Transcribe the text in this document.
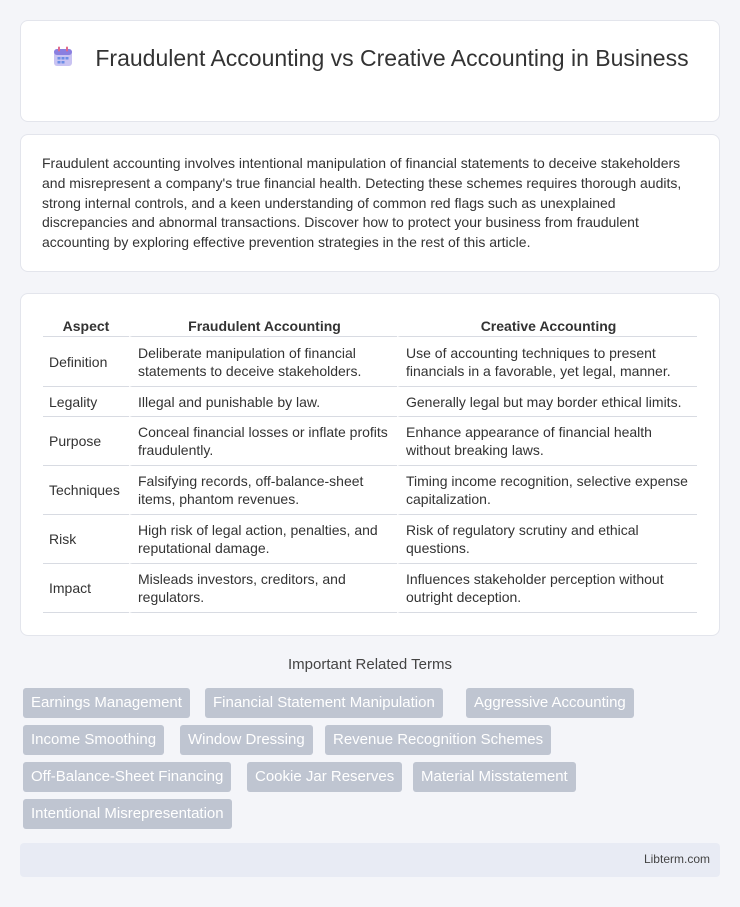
Fraudulent Accounting vs Creative Accounting in Business

Fraudulent accounting involves intentional manipulation of financial statements to deceive stakeholders and misrepresent a company's true financial health. Detecting these schemes requires thorough audits, strong internal controls, and a keen understanding of common red flags such as unexplained discrepancies and abnormal transactions. Discover how to protect your business from fraudulent accounting by exploring effective prevention strategies in the rest of this article.

Aspect	Fraudulent Accounting	Creative Accounting
Definition	Deliberate manipulation of financial statements to deceive stakeholders.	Use of accounting techniques to present financials in a favorable, yet legal, manner.
Legality	Illegal and punishable by law.	Generally legal but may border ethical limits.
Purpose	Conceal financial losses or inflate profits fraudulently.	Enhance appearance of financial health without breaking laws.
Techniques	Falsifying records, off-balance-sheet items, phantom revenues.	Timing income recognition, selective expense capitalization.
Risk	High risk of legal action, penalties, and reputational damage.	Risk of regulatory scrutiny and ethical questions.
Impact	Misleads investors, creditors, and regulators.	Influences stakeholder perception without outright deception.
Important Related Terms
Earnings Management	Financial Statement Manipulation	Aggressive Accounting
Income Smoothing	Window Dressing	Revenue Recognition Schemes
Off-Balance-Sheet Financing	Cookie Jar Reserves	Material Misstatement
Intentional Misrepresentation
Libterm.com
